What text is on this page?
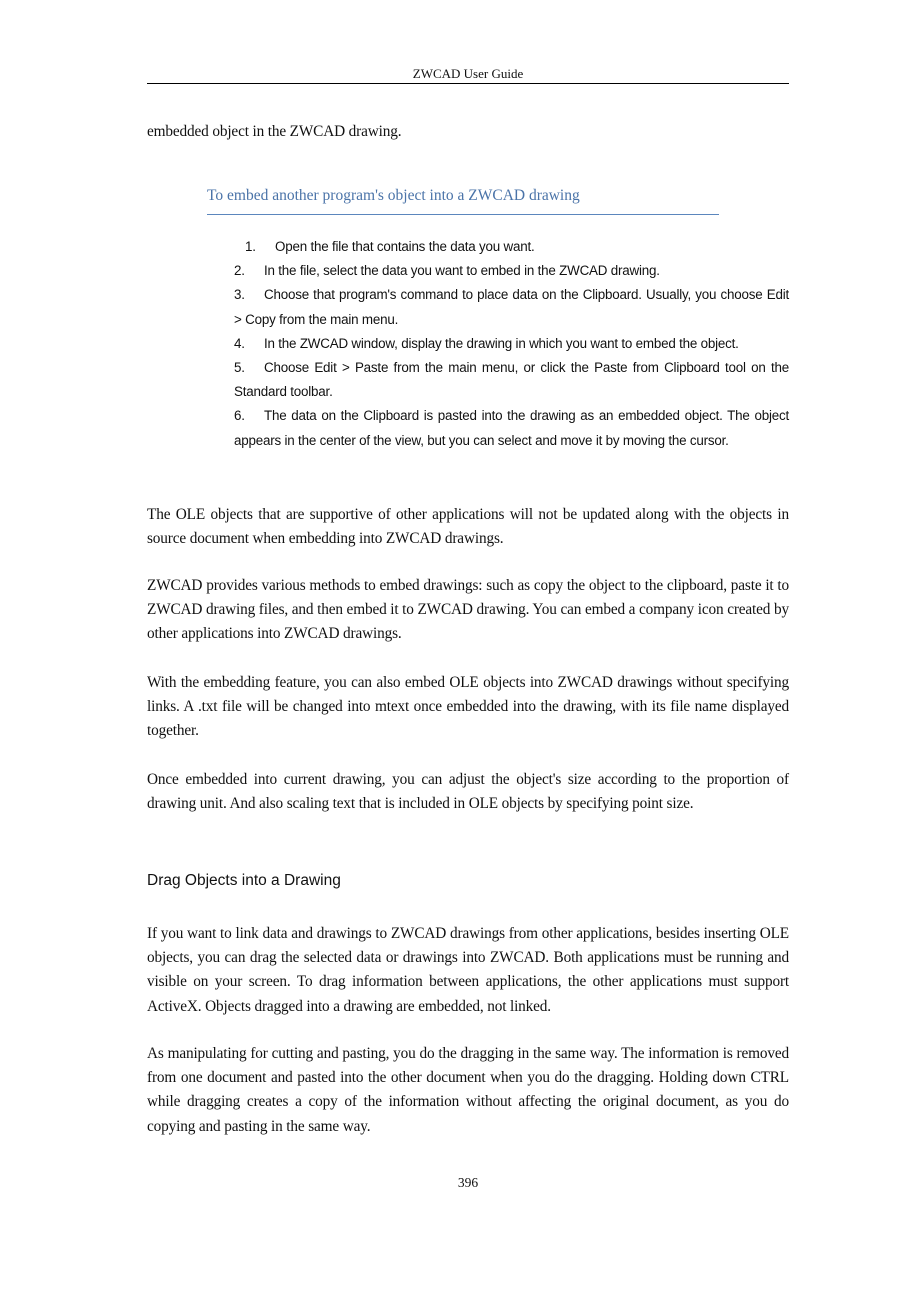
ZWCAD User Guide

embedded object in the ZWCAD drawing.

To embed another program's object into a ZWCAD drawing
1. Open the file that contains the data you want.
2. In the file, select the data you want to embed in the ZWCAD drawing.
3. Choose that program's command to place data on the Clipboard. Usually, you choose Edit > Copy from the main menu.
4. In the ZWCAD window, display the drawing in which you want to embed the object.
5. Choose Edit > Paste from the main menu, or click the Paste from Clipboard tool on the Standard toolbar.
6. The data on the Clipboard is pasted into the drawing as an embedded object. The object appears in the center of the view, but you can select and move it by moving the cursor.

The OLE objects that are supportive of other applications will not be updated along with the objects in source document when embedding into ZWCAD drawings.

ZWCAD provides various methods to embed drawings: such as copy the object to the clipboard, paste it to ZWCAD drawing files, and then embed it to ZWCAD drawing. You can embed a company icon created by other applications into ZWCAD drawings.

With the embedding feature, you can also embed OLE objects into ZWCAD drawings without specifying links. A .txt file will be changed into mtext once embedded into the drawing, with its file name displayed together.

Once embedded into current drawing, you can adjust the object's size according to the proportion of drawing unit. And also scaling text that is included in OLE objects by specifying point size.

Drag Objects into a Drawing

If you want to link data and drawings to ZWCAD drawings from other applications, besides inserting OLE objects, you can drag the selected data or drawings into ZWCAD. Both applications must be running and visible on your screen. To drag information between applications, the other applications must support ActiveX. Objects dragged into a drawing are embedded, not linked.

As manipulating for cutting and pasting, you do the dragging in the same way. The information is removed from one document and pasted into the other document when you do the dragging. Holding down CTRL while dragging creates a copy of the information without affecting the original document, as you do copying and pasting in the same way.

396
